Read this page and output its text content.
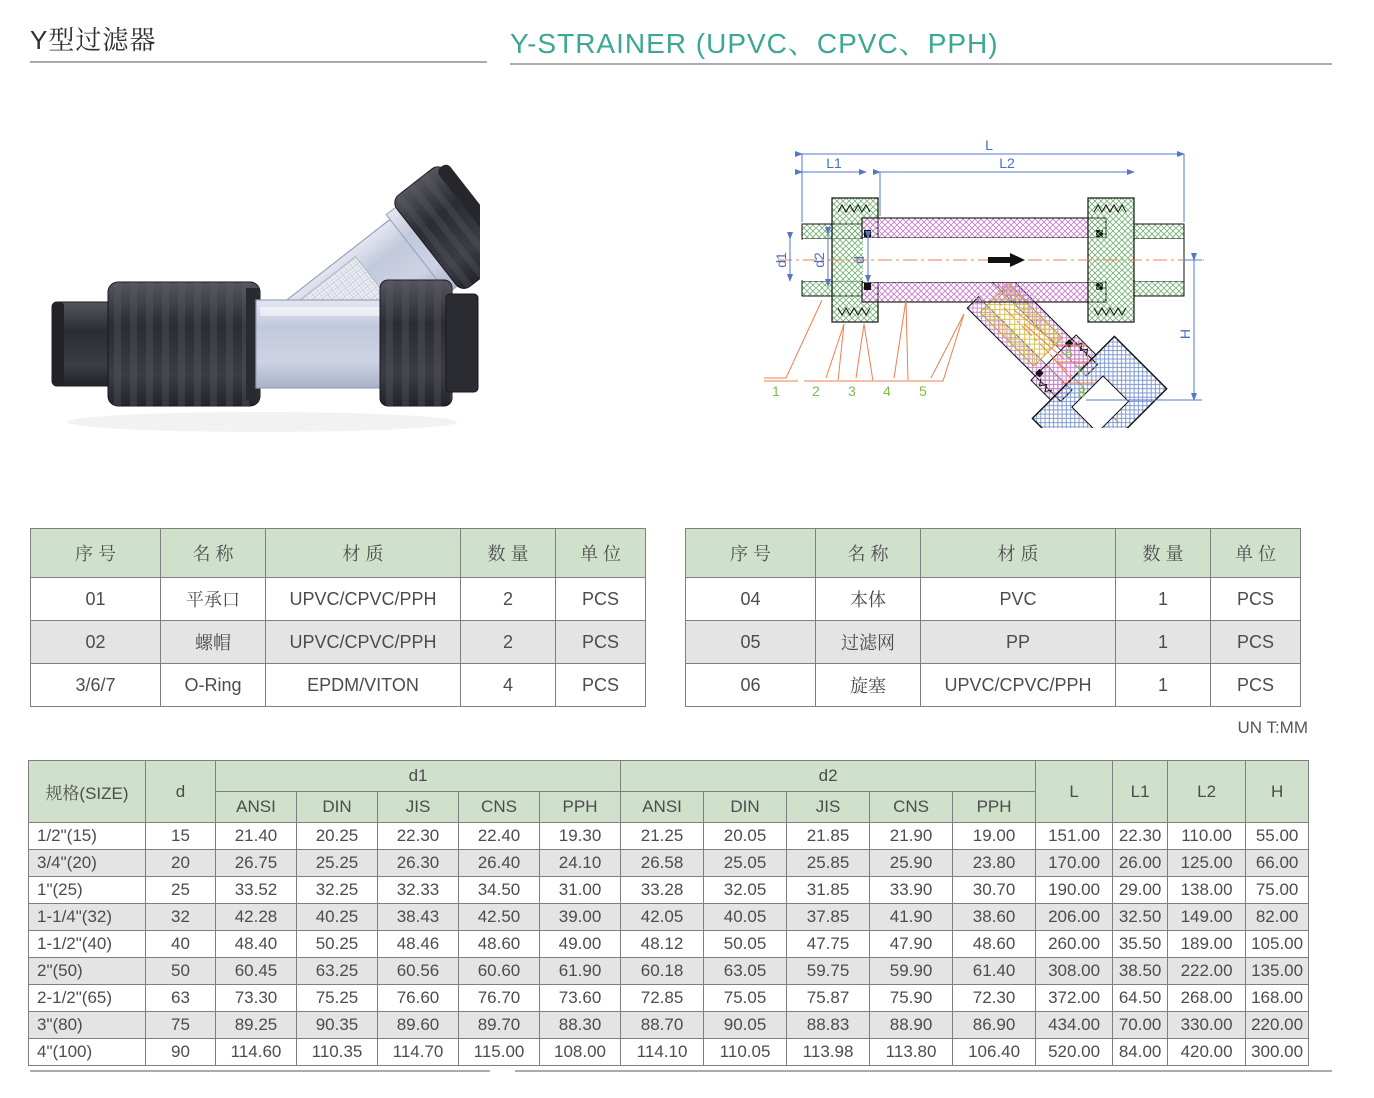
Y型过滤器	Y-STRAINER (UPVC、CPVC、PPH)
L
L1	L2
d1 d2 d
H
1 2 3 4 5
6
7
8
序 号	名 称	材 质	数 量	单 位
01	平承口	UPVC/CPVC/PPH	2	PCS
02	螺帽	UPVC/CPVC/PPH	2	PCS
3/6/7	O-Ring	EPDM/VITON	4	PCS
序 号	名 称	材 质	数 量	单 位
04	本体	PVC	1	PCS
05	过滤网	PP	1	PCS
06	旋塞	UPVC/CPVC/PPH	1	PCS
UN T:MM
规格(SIZE)	d	d1					d2					L	L1	L2	H
		ANSI	DIN	JIS	CNS	PPH	ANSI	DIN	JIS	CNS	PPH				
1/2"(15)	15	21.40	20.25	22.30	22.40	19.30	21.25	20.05	21.85	21.90	19.00	151.00	22.30	110.00	55.00
3/4"(20)	20	26.75	25.25	26.30	26.40	24.10	26.58	25.05	25.85	25.90	23.80	170.00	26.00	125.00	66.00
1"(25)	25	33.52	32.25	32.33	34.50	31.00	33.28	32.05	31.85	33.90	30.70	190.00	29.00	138.00	75.00
1-1/4"(32)	32	42.28	40.25	38.43	42.50	39.00	42.05	40.05	37.85	41.90	38.60	206.00	32.50	149.00	82.00
1-1/2"(40)	40	48.40	50.25	48.46	48.60	49.00	48.12	50.05	47.75	47.90	48.60	260.00	35.50	189.00	105.00
2"(50)	50	60.45	63.25	60.56	60.60	61.90	60.18	63.05	59.75	59.90	61.40	308.00	38.50	222.00	135.00
2-1/2"(65)	63	73.30	75.25	76.60	76.70	73.60	72.85	75.05	75.87	75.90	72.30	372.00	64.50	268.00	168.00
3"(80)	75	89.25	90.35	89.60	89.70	88.30	88.70	90.05	88.83	88.90	86.90	434.00	70.00	330.00	220.00
4"(100)	90	114.60	110.35	114.70	115.00	108.00	114.10	110.05	113.98	113.80	106.40	520.00	84.00	420.00	300.00
